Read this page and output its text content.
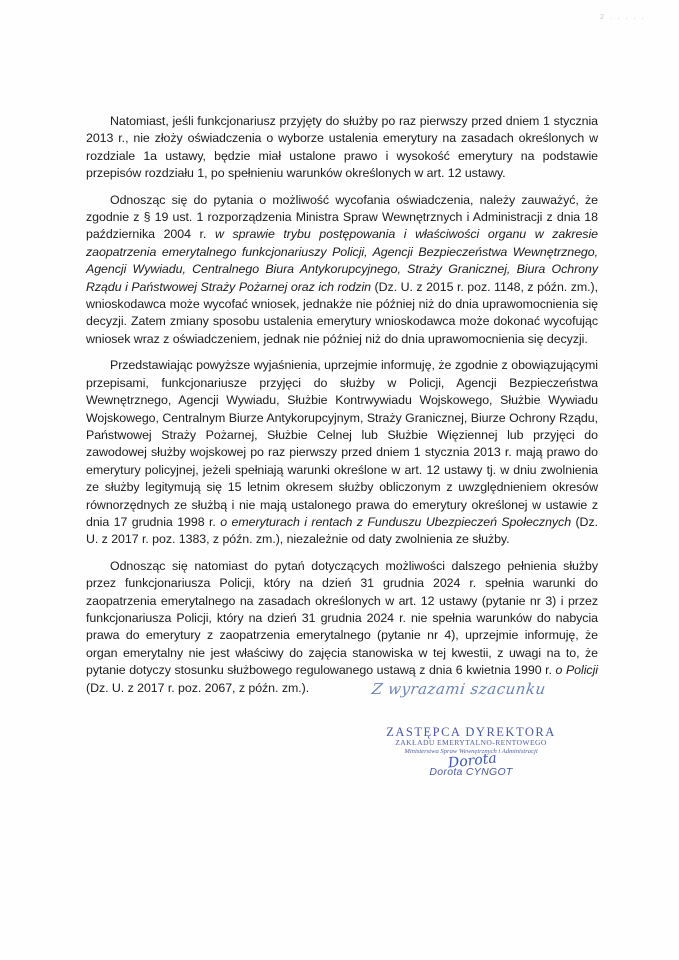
2 . . . . .

Natomiast, jeśli funkcjonariusz przyjęty do służby po raz pierwszy przed dniem 1 stycznia 2013 r., nie złoży oświadczenia o wyborze ustalenia emerytury na zasadach określonych w rozdziale 1a ustawy, będzie miał ustalone prawo i wysokość emerytury na podstawie przepisów rozdziału 1, po spełnieniu warunków określonych w art. 12 ustawy.

Odnosząc się do pytania o możliwość wycofania oświadczenia, należy zauważyć, że zgodnie z § 19 ust. 1 rozporządzenia Ministra Spraw Wewnętrznych i Administracji z dnia 18 października 2004 r. w sprawie trybu postępowania i właściwości organu w zakresie zaopatrzenia emerytalnego funkcjonariuszy Policji, Agencji Bezpieczeństwa Wewnętrznego, Agencji Wywiadu, Centralnego Biura Antykorupcyjnego, Straży Granicznej, Biura Ochrony Rządu i Państwowej Straży Pożarnej oraz ich rodzin (Dz. U. z 2015 r. poz. 1148, z późn. zm.), wnioskodawca może wycofać wniosek, jednakże nie później niż do dnia uprawomocnienia się decyzji. Zatem zmiany sposobu ustalenia emerytury wnioskodawca może dokonać wycofując wniosek wraz z oświadczeniem, jednak nie później niż do dnia uprawomocnienia się decyzji.

Przedstawiając powyższe wyjaśnienia, uprzejmie informuję, że zgodnie z obowiązującymi przepisami, funkcjonariusze przyjęci do służby w Policji, Agencji Bezpieczeństwa Wewnętrznego, Agencji Wywiadu, Służbie Kontrwywiadu Wojskowego, Służbie Wywiadu Wojskowego, Centralnym Biurze Antykorupcyjnym, Straży Granicznej, Biurze Ochrony Rządu, Państwowej Straży Pożarnej, Służbie Celnej lub Służbie Więziennej lub przyjęci do zawodowej służby wojskowej po raz pierwszy przed dniem 1 stycznia 2013 r. mają prawo do emerytury policyjnej, jeżeli spełniają warunki określone w art. 12 ustawy tj. w dniu zwolnienia ze służby legitymują się 15 letnim okresem służby obliczonym z uwzględnieniem okresów równorzędnych ze służbą i nie mają ustalonego prawa do emerytury określonej w ustawie z dnia 17 grudnia 1998 r. o emeryturach i rentach z Funduszu Ubezpieczeń Społecznych (Dz. U. z 2017 r. poz. 1383, z późn. zm.), niezależnie od daty zwolnienia ze służby.

Odnosząc się natomiast do pytań dotyczących możliwości dalszego pełnienia służby przez funkcjonariusza Policji, który na dzień 31 grudnia 2024 r. spełnia warunki do zaopatrzenia emerytalnego na zasadach określonych w art. 12 ustawy (pytanie nr 3) i przez funkcjonariusza Policji, który na dzień 31 grudnia 2024 r. nie spełnia warunków do nabycia prawa do emerytury z zaopatrzenia emerytalnego (pytanie nr 4), uprzejmie informuję, że organ emerytalny nie jest właściwy do zajęcia stanowiska w tej kwestii, z uwagi na to, że pytanie dotyczy stosunku służbowego regulowanego ustawą z dnia 6 kwietnia 1990 r. o Policji (Dz. U. z 2017 r. poz. 2067, z późn. zm.).	Z wyrazami szacunku
ZASTĘPCA DYREKTORA
ZAKŁADU EMERYTALNO-RENTOWEGO
Ministerstwa Spraw Wewnętrznych i Administracji
Dorota
Dorota CYNGOT
